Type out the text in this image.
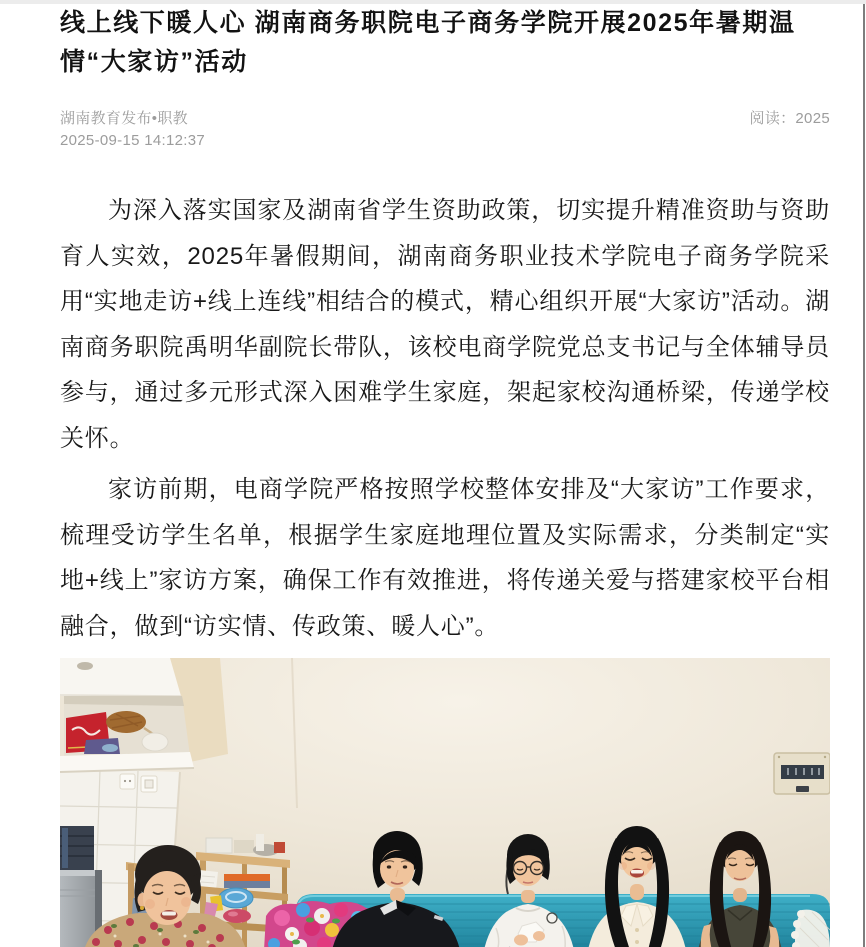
线上线下暖人心 湖南商务职院电子商务学院开展2025年暑期温情“大家访”活动
湖南教育发布•职教
2025-09-15 14:12:37
阅读：2025

为深入落实国家及湖南省学生资助政策，切实提升精准资助与资助育人实效，2025年暑假期间，湖南商务职业技术学院电子商务学院采用“实地走访+线上连线”相结合的模式，精心组织开展“大家访”活动。湖南商务职院禹明华副院长带队，该校电商学院党总支书记与全体辅导员参与，通过多元形式深入困难学生家庭，架起家校沟通桥梁，传递学校关怀。

家访前期，电商学院严格按照学校整体安排及“大家访”工作要求，梳理受访学生名单，根据学生家庭地理位置及实际需求，分类制定“实地+线上”家访方案，确保工作有效推进，将传递关爱与搭建家校平台相融合，做到“访实情、传政策、暖人心”。
